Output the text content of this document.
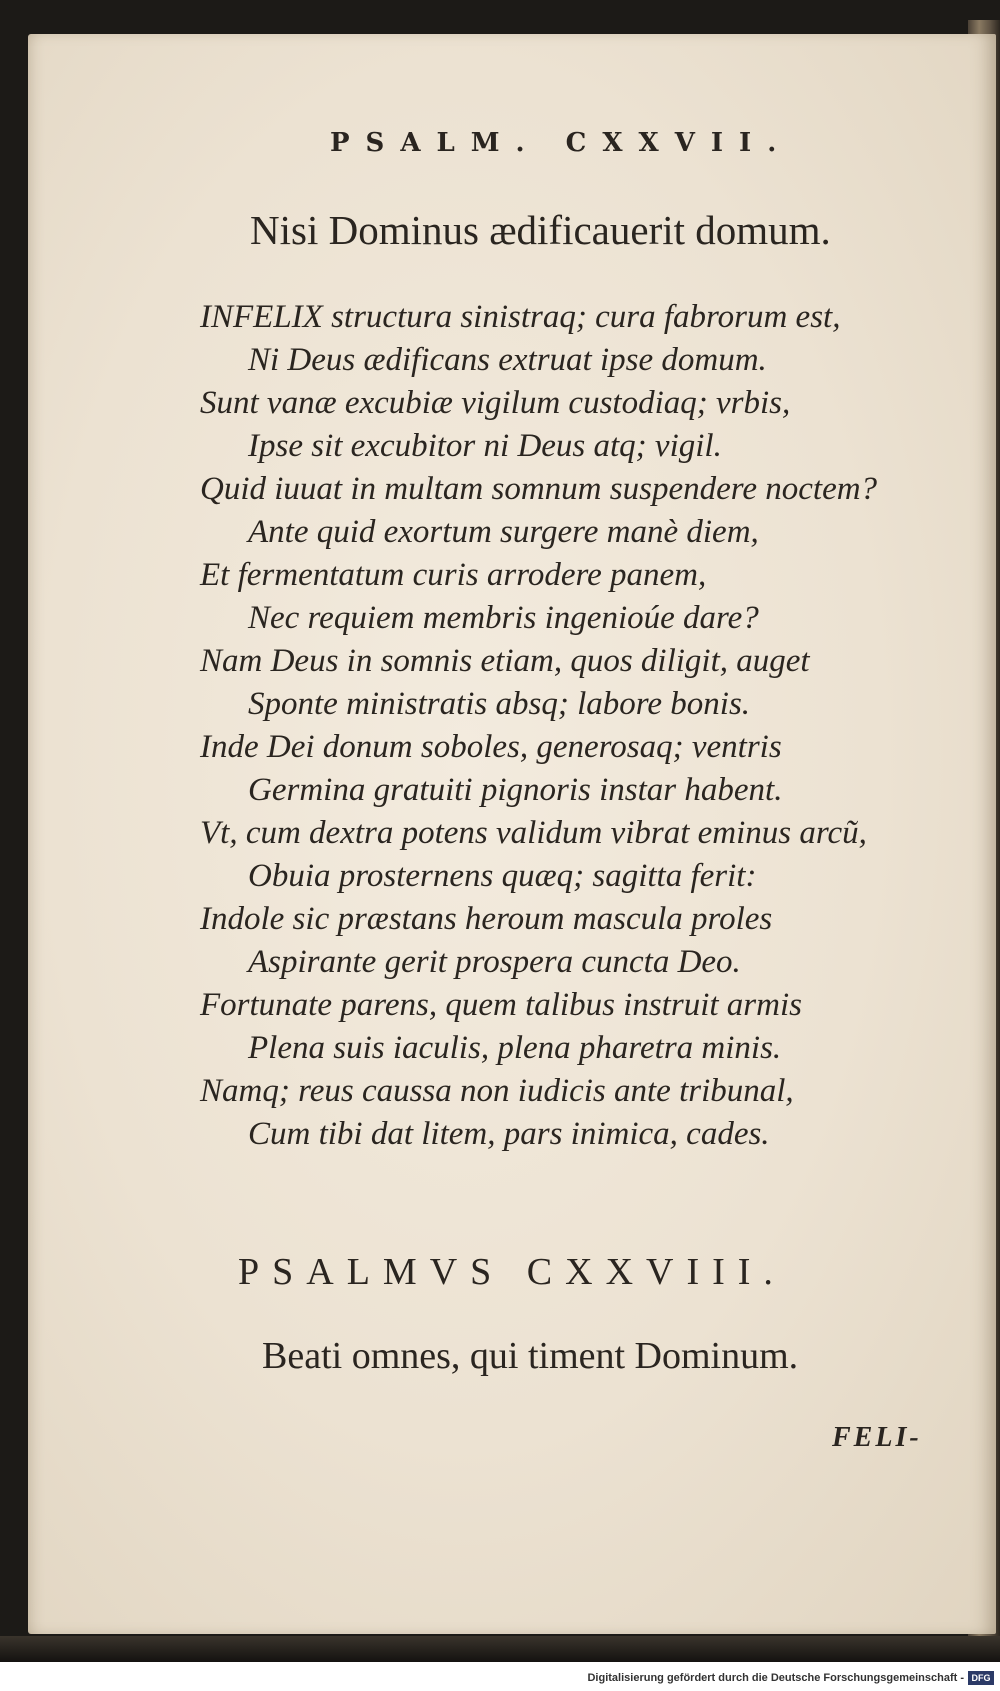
PSALM. CXXVII.
Nisi Dominus ædificauerit domum.
INFELIX structura sinistraq; cura fabrorum est,
Ni Deus ædificans extruat ipse domum.
Sunt vanæ excubiæ vigilum custodiaq; vrbis,
Ipse sit excubitor ni Deus atq; vigil.
Quid iuuat in multam somnum suspendere noctem?
Ante quid exortum surgere manè diem,
Et fermentatum curis arrodere panem,
Nec requiem membris ingenioúe dare?
Nam Deus in somnis etiam, quos diligit, auget
Sponte ministratis absq; labore bonis.
Inde Dei donum soboles, generosaq; ventris
Germina gratuiti pignoris instar habent.
Vt, cum dextra potens validum vibrat eminus arcũ,
Obuia prosternens quæq; sagitta ferit:
Indole sic præstans heroum mascula proles
Aspirante gerit prospera cuncta Deo.
Fortunate parens, quem talibus instruit armis
Plena suis iaculis, plena pharetra minis.
Namq; reus caussa non iudicis ante tribunal,
Cum tibi dat litem, pars inimica, cades.
PSALMVS CXXVIII.
Beati omnes, qui timent Dominum.
FELI-
Digitalisierung gefördert durch die Deutsche Forschungsgemeinschaft - DFG
